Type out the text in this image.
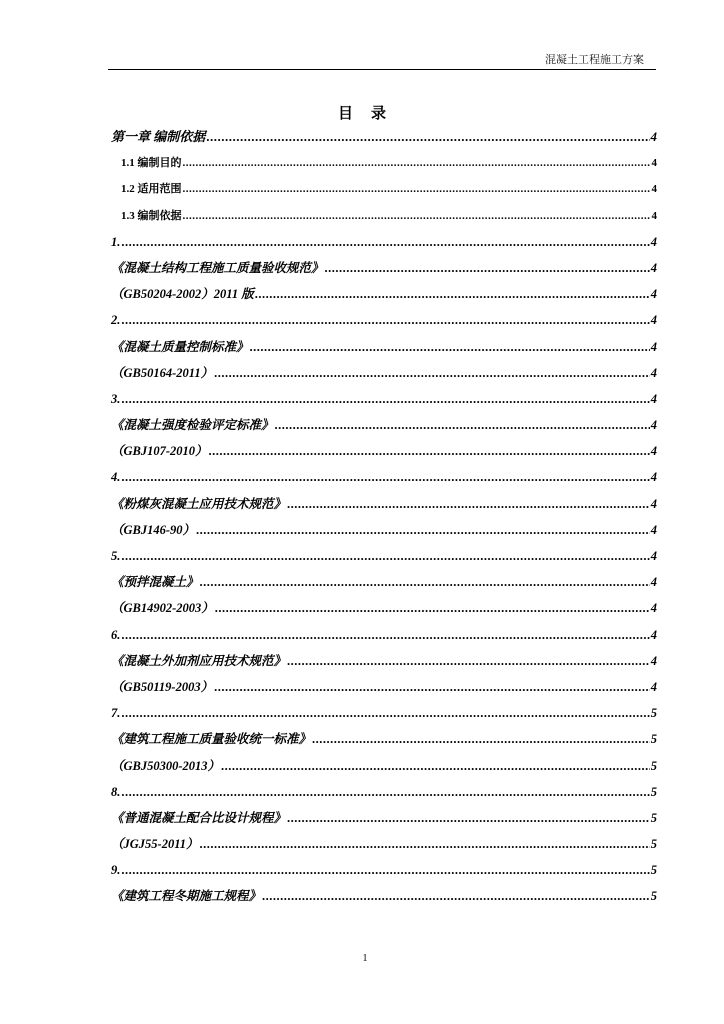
混凝土工程施工方案
目录
第一章 编制依据 .....	4
1.1 编制目的 .....	4
1.2 适用范围 .....	4
1.3 编制依据 .....	4
1. .....	4
《混凝土结构工程施工质量验收规范》 .....	4
（GB50204-2002）2011 版 .....	4
2. .....	4
《混凝土质量控制标准》 .....	4
（GB50164-2011） .....	4
3. .....	4
《混凝土强度检验评定标准》 .....	4
（GBJ107-2010） .....	4
4. .....	4
《粉煤灰混凝土应用技术规范》 .....	4
（GBJ146-90） .....	4
5. .....	4
《预拌混凝土》 .....	4
（GB14902-2003） .....	4
6. .....	4
《混凝土外加剂应用技术规范》 .....	4
（GB50119-2003） .....	4
7. .....	5
《建筑工程施工质量验收统一标准》 .....	5
（GBJ50300-2013） .....	5
8. .....	5
《普通混凝土配合比设计规程》 .....	5
（JGJ55-2011） .....	5
9. .....	5
《建筑工程冬期施工规程》 .....	5
1
